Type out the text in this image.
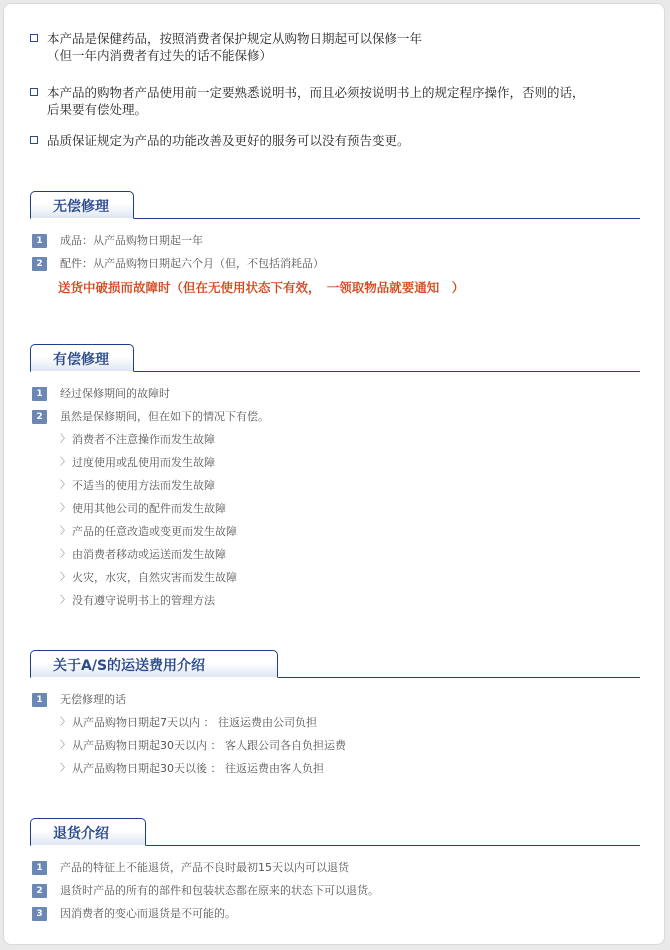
本产品是保健药品，按照消费者保护规定从购物日期起可以保修一年
（但一年内消费者有过失的话不能保修）
本产品的购物者产品使用前一定要熟悉说明书，而且必须按说明书上的规定程序操作，否则的话，
后果要有偿处理。
品质保证规定为产品的功能改善及更好的服务可以没有预告变更。
无偿修理
1	成品：从产品购物日期起一年
2	配件：从产品购物日期起六个月（但，不包括消耗品）
送货中破损而故障时（但在无使用状态下有效，　一领取物品就要通知　）
有偿修理
1	经过保修期间的故障时
2	虽然是保修期间，但在如下的情况下有偿。
〉 消费者不注意操作而发生故障
〉 过度使用或乱使用而发生故障
〉 不适当的使用方法而发生故障
〉 使用其他公司的配件而发生故障
〉 产品的任意改造或变更而发生故障
〉 由消费者移动或运送而发生故障
〉 火灾，水灾，自然灾害而发生故障
〉 没有遵守说明书上的管理方法
关于A/S的运送费用介绍
1	无偿修理的话
〉 从产品购物日期起7天以内 ： 往返运费由公司负担
〉 从产品购物日期起30天以内 ： 客人跟公司各自负担运费
〉 从产品购物日期起30天以後 ： 往返运费由客人负担
退货介绍
1	产品的特征上不能退货，产品不良时最初15天以内可以退货
2	退货时产品的所有的部件和包装状态都在原来的状态下可以退货。
3	因消费者的变心而退货是不可能的。
